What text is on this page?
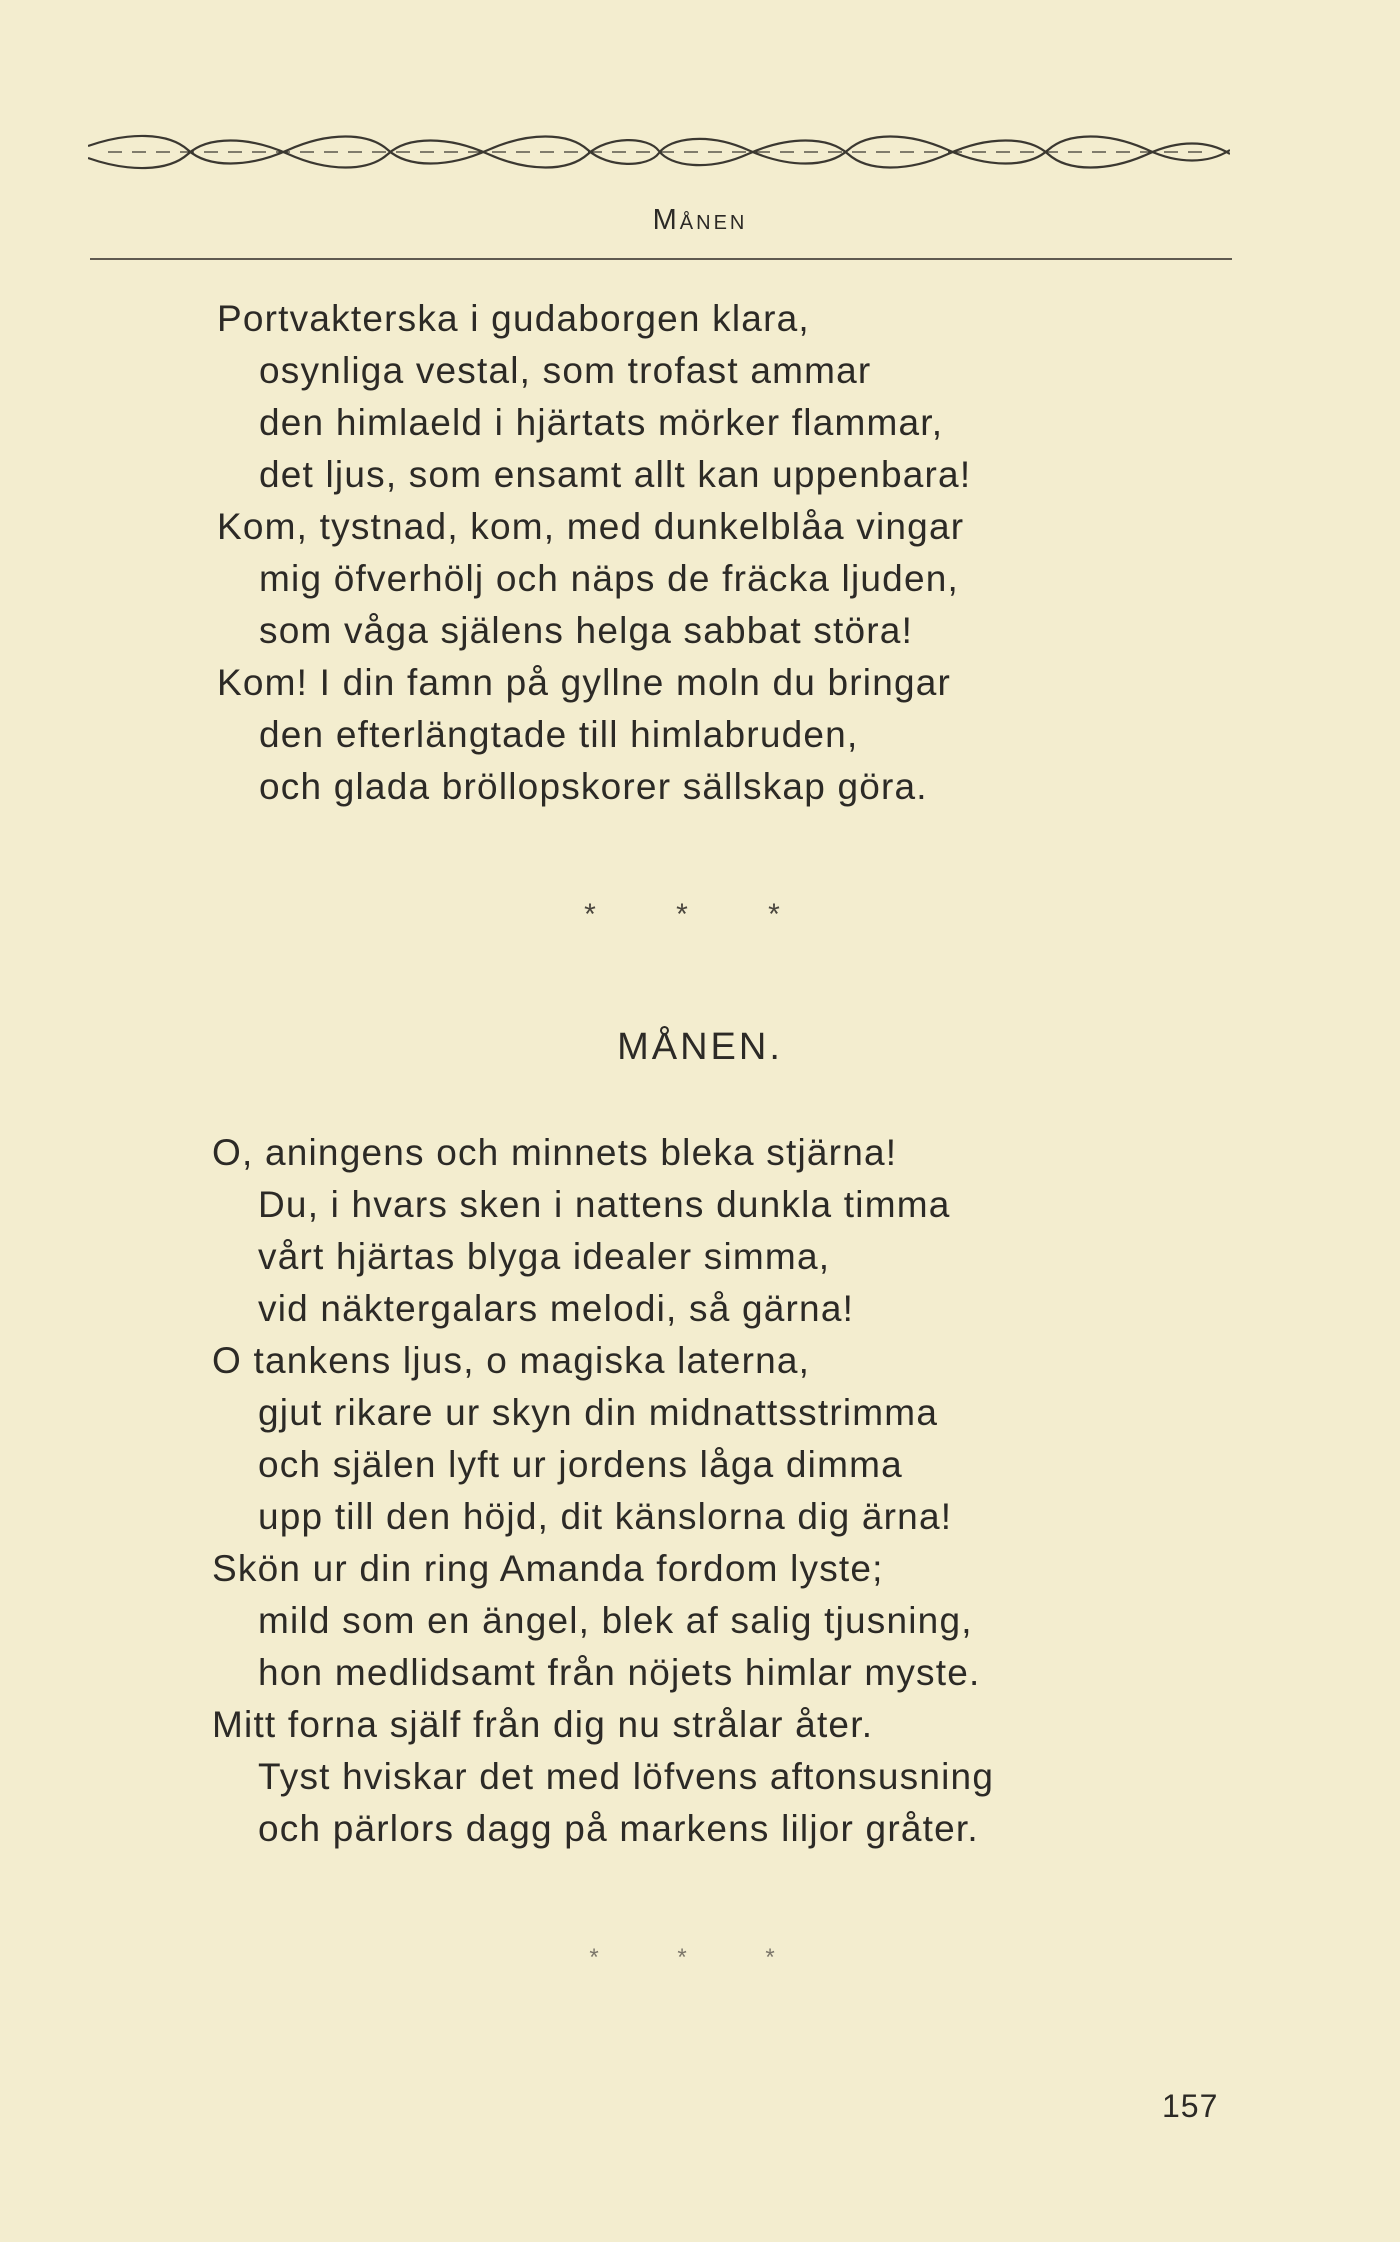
Månen
Portvakterska i gudaborgen klara,
osynliga vestal, som trofast ammar
den himlaeld i hjärtats mörker flammar,
det ljus, som ensamt allt kan uppenbara!
Kom, tystnad, kom, med dunkelblåa vingar
mig öfverhölj och näps de fräcka ljuden,
som våga själens helga sabbat störa!
Kom! I din famn på gyllne moln du bringar
den efterlängtade till himlabruden,
och glada bröllopskorer sällskap göra.
* * *
MÅNEN.
O, aningens och minnets bleka stjärna!
Du, i hvars sken i nattens dunkla timma
vårt hjärtas blyga idealer simma,
vid näktergalars melodi, så gärna!
O tankens ljus, o magiska laterna,
gjut rikare ur skyn din midnattsstrimma
och själen lyft ur jordens låga dimma
upp till den höjd, dit känslorna dig ärna!
Skön ur din ring Amanda fordom lyste;
mild som en ängel, blek af salig tjusning,
hon medlidsamt från nöjets himlar myste.
Mitt forna själf från dig nu strålar åter.
Tyst hviskar det med löfvens aftonsusning
och pärlors dagg på markens liljor gråter.
* * *
157
